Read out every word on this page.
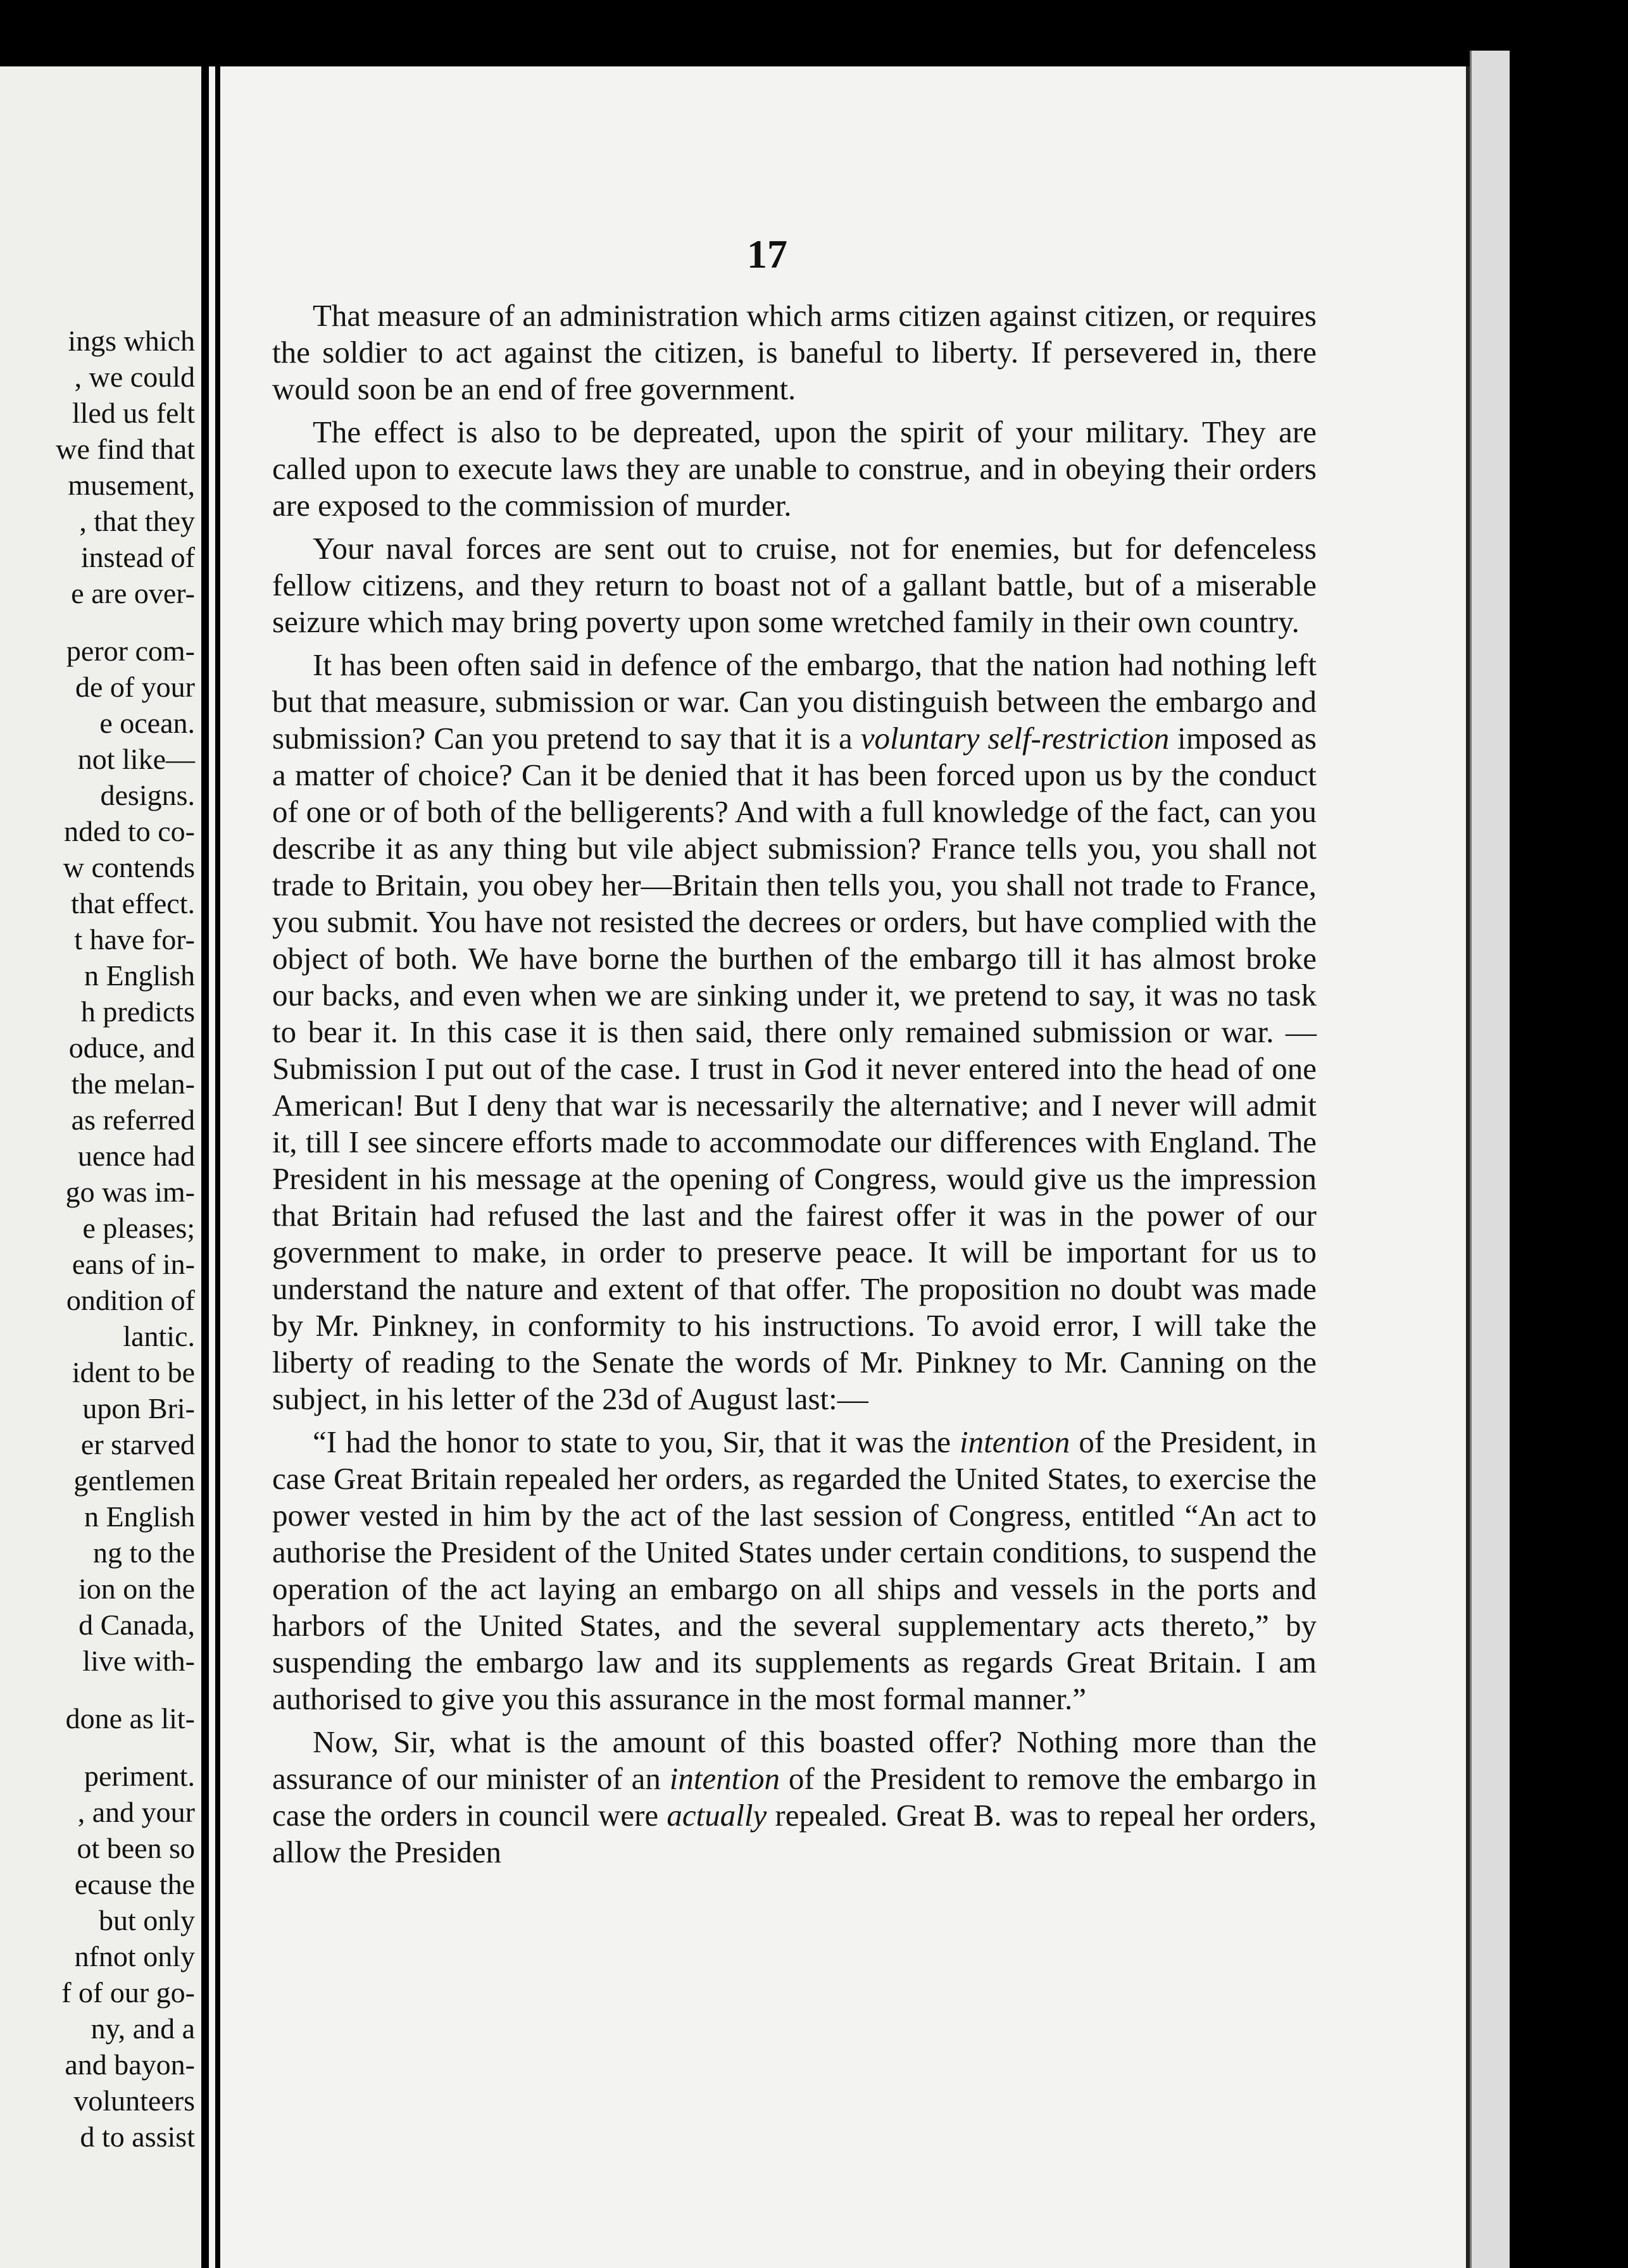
ings which
, we could
lled us felt
we find that
musement,
, that they
instead of
e are over-
peror com-
de of your
e ocean.
not like—
designs.
nded to co-
w contends
that effect.
t have for-
n English
h predicts
oduce, and
the melan-
as referred
uence had
go was im-
e pleases;
eans of in-
ondition of
lantic.
ident to be
upon Bri-
er starved
gentlemen
n English
ng to the
ion on the
d Canada,
live with-
done as lit-
periment.
, and your
ot been so
ecause the
but only
nfnot only
f of our go-
ny, and a
and bayon-
volunteers
d to assist
17

That measure of an administration which arms citizen against citizen, or requires the soldier to act against the citizen, is baneful to liberty. If persevered in, there would soon be an end of free government.

The effect is also to be depreated, upon the spirit of your military. They are called upon to execute laws they are unable to construe, and in obeying their orders are exposed to the commission of murder.

Your naval forces are sent out to cruise, not for enemies, but for defenceless fellow citizens, and they return to boast not of a gallant battle, but of a miserable seizure which may bring poverty upon some wretched family in their own country.

It has been often said in defence of the embargo, that the nation had nothing left but that measure, submission or war. Can you distinguish between the embargo and submission? Can you pretend to say that it is a voluntary self-restriction imposed as a matter of choice? Can it be denied that it has been forced upon us by the conduct of one or of both of the belligerents? And with a full knowledge of the fact, can you describe it as any thing but vile abject submission? France tells you, you shall not trade to Britain, you obey her—Britain then tells you, you shall not trade to France, you submit. You have not resisted the decrees or orders, but have complied with the object of both. We have borne the burthen of the embargo till it has almost broke our backs, and even when we are sinking under it, we pretend to say, it was no task to bear it. In this case it is then said, there only remained submission or war. —Submission I put out of the case. I trust in God it never entered into the head of one American! But I deny that war is necessarily the alternative; and I never will admit it, till I see sincere efforts made to accommodate our differences with England. The President in his message at the opening of Congress, would give us the impression that Britain had refused the last and the fairest offer it was in the power of our government to make, in order to preserve peace. It will be important for us to understand the nature and extent of that offer. The proposition no doubt was made by Mr. Pinkney, in conformity to his instructions. To avoid error, I will take the liberty of reading to the Senate the words of Mr. Pinkney to Mr. Canning on the subject, in his letter of the 23d of August last:—

“I had the honor to state to you, Sir, that it was the intention of the President, in case Great Britain repealed her orders, as regarded the United States, to exercise the power vested in him by the act of the last session of Congress, entitled “An act to authorise the President of the United States under certain conditions, to suspend the operation of the act laying an embargo on all ships and vessels in the ports and harbors of the United States, and the several supplementary acts thereto,” by suspending the embargo law and its supplements as regards Great Britain. I am authorised to give you this assurance in the most formal manner.”

Now, Sir, what is the amount of this boasted offer? Nothing more than the assurance of our minister of an intention of the President to remove the embargo in case the orders in council were actually repealed. Great B. was to repeal her orders, allow the Presiden
